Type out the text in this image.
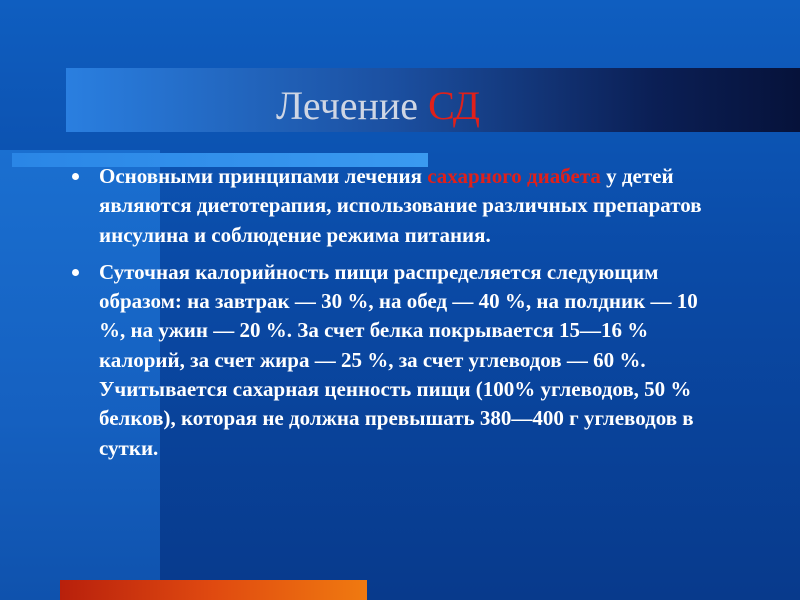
Лечение СД
Основными принципами лечения сахарного диабета у детей являются диетотерапия, использование различных препаратов инсулина и соблюдение режима питания.
Суточная калорийность пищи распределяется следующим образом: на завтрак — 30 %, на обед — 40 %, на полдник — 10 %, на ужин — 20 %. За счет белка покрывается 15—16 % калорий, за счет жира — 25 %, за счет углеводов — 60 %. Учитывается сахарная ценность пищи (100% углеводов, 50 % белков), которая не должна превышать 380—400 г углеводов в сутки.
